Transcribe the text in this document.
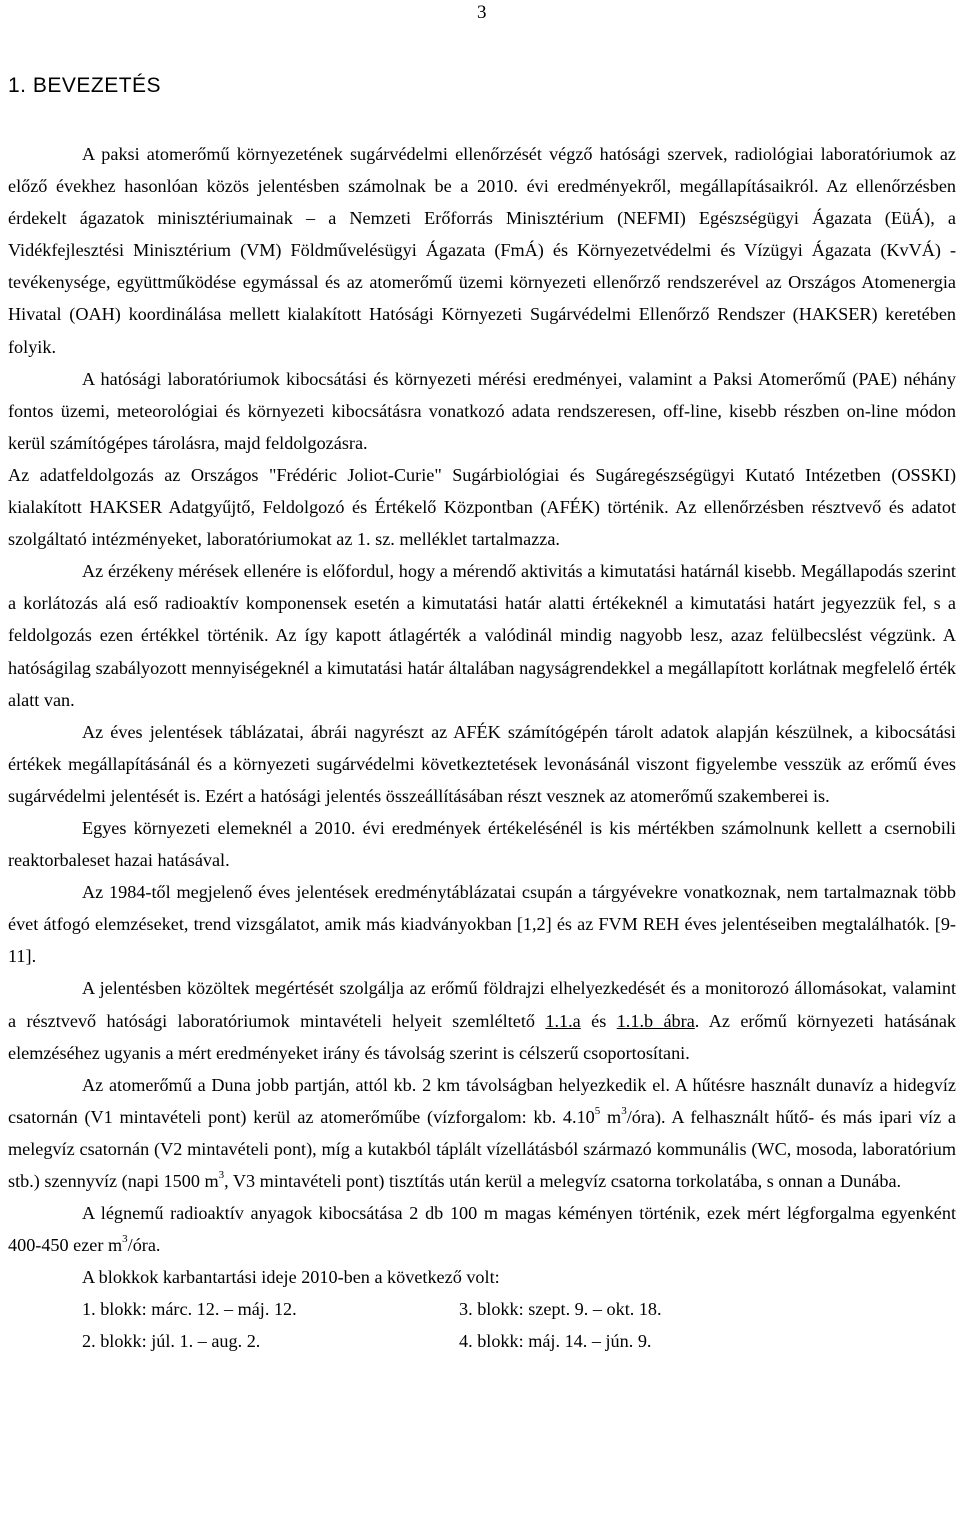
3
1. BEVEZETÉS

A paksi atomerőmű környezetének sugárvédelmi ellenőrzését végző hatósági szervek, radiológiai laboratóriumok az előző évekhez hasonlóan közös jelentésben számolnak be a 2010. évi eredményekről, megállapításaikról. Az ellenőrzésben érdekelt ágazatok minisztériumainak – a Nemzeti Erőforrás Minisztérium (NEFMI) Egészségügyi Ágazata (EüÁ), a Vidékfejlesztési Minisztérium (VM) Földművelésügyi Ágazata (FmÁ) és Környezetvédelmi és Vízügyi Ágazata (KvVÁ) - tevékenysége, együttműködése egymással és az atomerőmű üzemi környezeti ellenőrző rendszerével az Országos Atomenergia Hivatal (OAH) koordinálása mellett kialakított Hatósági Környezeti Sugárvédelmi Ellenőrző Rendszer (HAKSER) keretében folyik.

A hatósági laboratóriumok kibocsátási és környezeti mérési eredményei, valamint a Paksi Atomerőmű (PAE) néhány fontos üzemi, meteorológiai és környezeti kibocsátásra vonatkozó adata rendszeresen, off-line, kisebb részben on-line módon kerül számítógépes tárolásra, majd feldolgozásra.

Az adatfeldolgozás az Országos "Frédéric Joliot-Curie" Sugárbiológiai és Sugáregészségügyi Kutató Intézetben (OSSKI) kialakított HAKSER Adatgyűjtő, Feldolgozó és Értékelő Központban (AFÉK) történik. Az ellenőrzésben résztvevő és adatot szolgáltató intézményeket, laboratóriumokat az 1. sz. melléklet tartalmazza.

Az érzékeny mérések ellenére is előfordul, hogy a mérendő aktivitás a kimutatási határnál kisebb. Megállapodás szerint a korlátozás alá eső radioaktív komponensek esetén a kimutatási határ alatti értékeknél a kimutatási határt jegyezzük fel, s a feldolgozás ezen értékkel történik. Az így kapott átlagérték a valódinál mindig nagyobb lesz, azaz felülbecslést végzünk. A hatóságilag szabályozott mennyiségeknél a kimutatási határ általában nagyságrendekkel a megállapított korlátnak megfelelő érték alatt van.

Az éves jelentések táblázatai, ábrái nagyrészt az AFÉK számítógépén tárolt adatok alapján készülnek, a kibocsátási értékek megállapításánál és a környezeti sugárvédelmi következtetések levonásánál viszont figyelembe vesszük az erőmű éves sugárvédelmi jelentését is. Ezért a hatósági jelentés összeállításában részt vesznek az atomerőmű szakemberei is.

Egyes környezeti elemeknél a 2010. évi eredmények értékelésénél is kis mértékben számolnunk kellett a csernobili reaktorbaleset hazai hatásával.

Az 1984-től megjelenő éves jelentések eredménytáblázatai csupán a tárgyévekre vonatkoznak, nem tartalmaznak több évet átfogó elemzéseket, trend vizsgálatot, amik más kiadványokban [1,2] és az FVM REH éves jelentéseiben megtalálhatók. [9-11].

A jelentésben közöltek megértését szolgálja az erőmű földrajzi elhelyezkedését és a monitorozó állomásokat, valamint a résztvevő hatósági laboratóriumok mintavételi helyeit szemléltető 1.1.a és 1.1.b ábra. Az erőmű környezeti hatásának elemzéséhez ugyanis a mért eredményeket irány és távolság szerint is célszerű csoportosítani.

Az atomerőmű a Duna jobb partján, attól kb. 2 km távolságban helyezkedik el. A hűtésre használt dunavíz a hidegvíz csatornán (V1 mintavételi pont) kerül az atomerőműbe (vízforgalom: kb. 4.10$^5$ $m^3/óra$). A felhasznált hűtő- és más ipari víz a melegvíz csatornán (V2 mintavételi pont), míg a kutakból táplált vízellátásból származó kommunális (WC, mosoda, laboratórium stb.) szennyvíz (napi 1500 $m^3$, V3 mintavételi pont) tisztítás után kerül a melegvíz csatorna torkolatába, s onnan a Dunába.

A légnemű radioaktív anyagok kibocsátása 2 db 100 m magas kéményen történik, ezek mért légforgalma egyenként 400-450 ezer $m^3$/óra.

A blokkok karbantartási ideje 2010-ben a következő volt:

1. blokk: márc. 12. – máj. 12.	3. blokk: szept. 9. – okt. 18.
2. blokk: júl. 1. – aug. 2.	4. blokk: máj. 14. – jún. 9.
